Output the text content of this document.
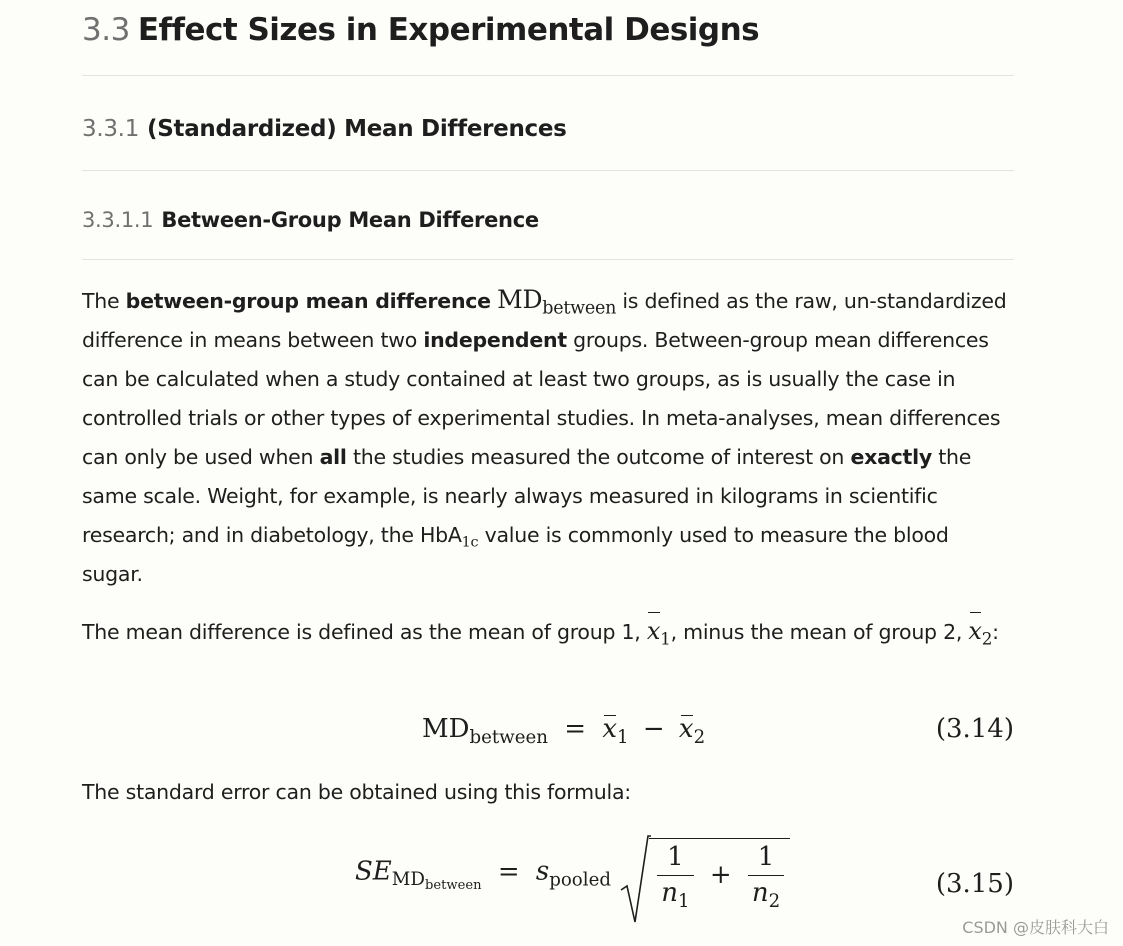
3.3 Effect Sizes in Experimental Designs
3.3.1 (Standardized) Mean Differences
3.3.1.1 Between-Group Mean Difference

The between-group mean difference $MD_{between}$ is defined as the raw, un-standardized difference in means between two independent groups. Between-group mean differences can be calculated when a study contained at least two groups, as is usually the case in controlled trials or other types of experimental studies. In meta-analyses, mean differences can only be used when all the studies measured the outcome of interest on exactly the same scale. Weight, for example, is nearly always measured in kilograms in scientific research; and in diabetology, the HbA$_{1c}$ value is commonly used to measure the blood sugar.

The mean difference is defined as the mean of group 1, $x_1$, minus the mean of group 2, $x_2$:

$MD_{between} = x_1 - x_2$	(3.14)

The standard error can be obtained using this formula:

$SE_{MD_{between}} = s_{pooled} \frac{1}{n_1} + \frac{1}{n_2}$	(3.15)
CSDN @皮肤科大白
